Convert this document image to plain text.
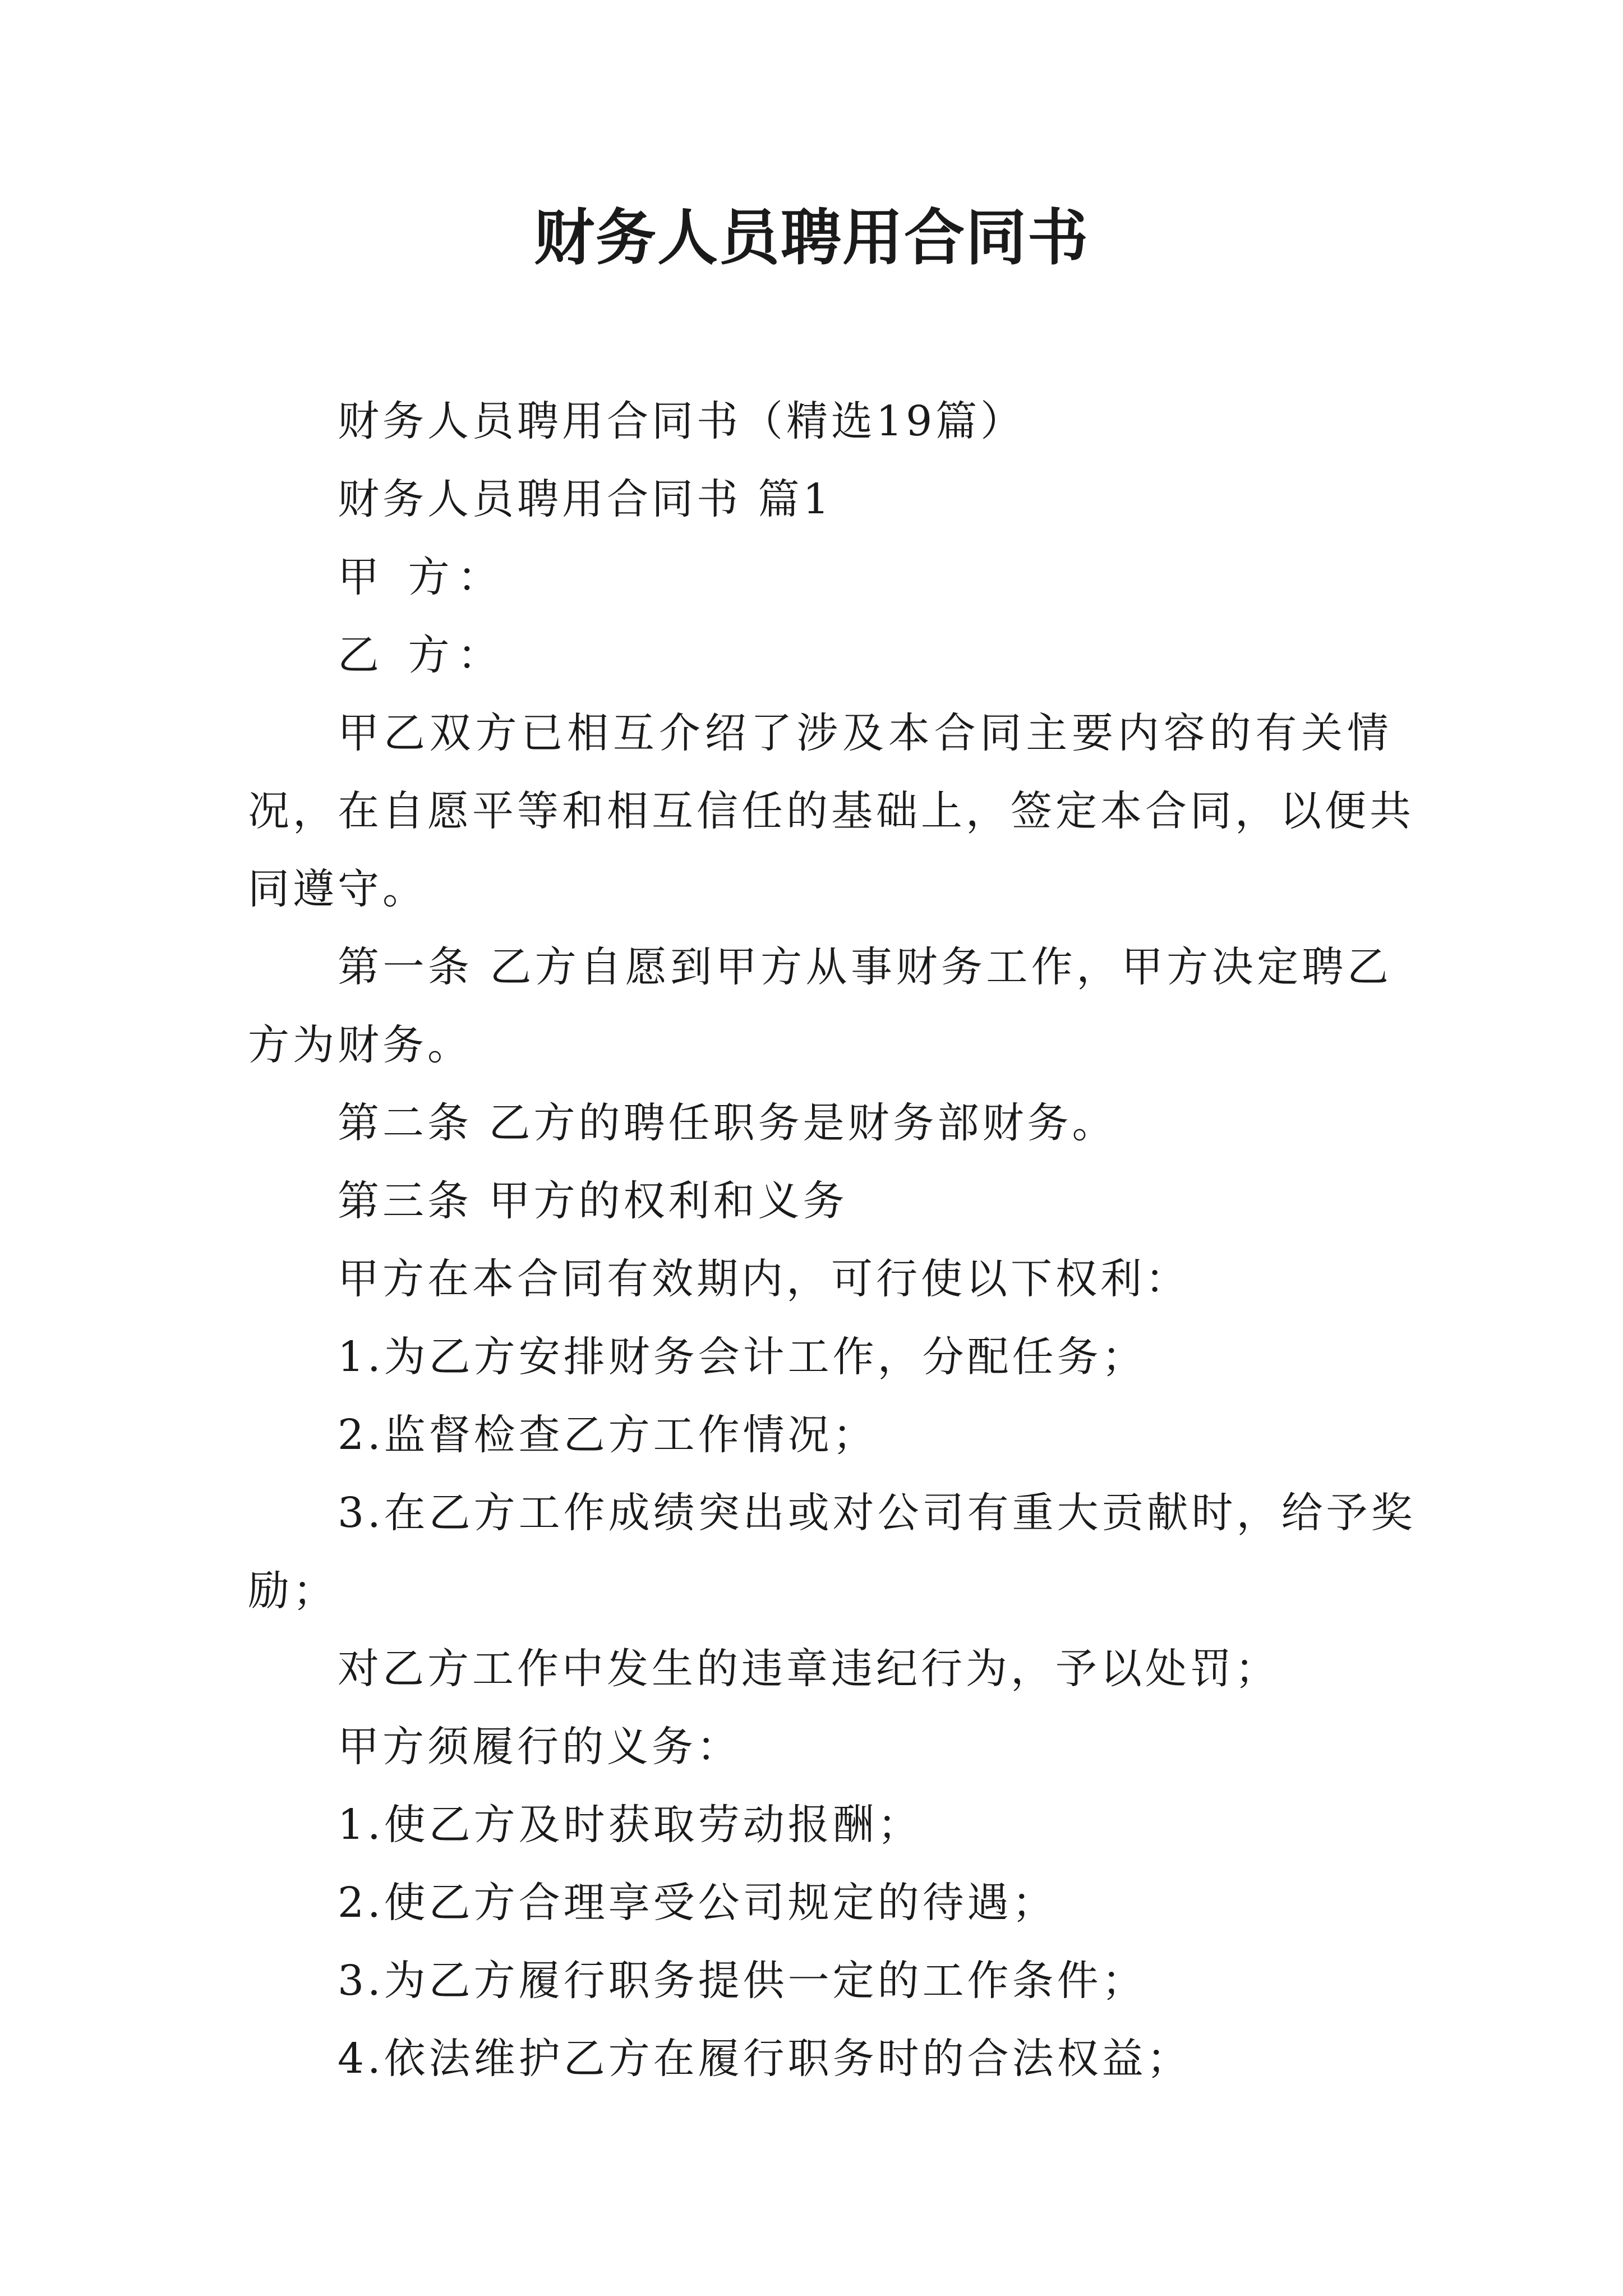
财务人员聘用合同书
财务人员聘用合同书（精选19篇）
财务人员聘用合同书 篇1
甲 方：
乙 方：
甲乙双方已相互介绍了涉及本合同主要内容的有关情
况，在自愿平等和相互信任的基础上，签定本合同，以便共
同遵守。
第一条 乙方自愿到甲方从事财务工作，甲方决定聘乙
方为财务。
第二条 乙方的聘任职务是财务部财务。
第三条 甲方的权利和义务
甲方在本合同有效期内，可行使以下权利：
1.为乙方安排财务会计工作，分配任务；
2.监督检查乙方工作情况；
3.在乙方工作成绩突出或对公司有重大贡献时，给予奖
励；
对乙方工作中发生的违章违纪行为，予以处罚；
甲方须履行的义务：
1.使乙方及时获取劳动报酬；
2.使乙方合理享受公司规定的待遇；
3.为乙方履行职务提供一定的工作条件；
4.依法维护乙方在履行职务时的合法权益；
